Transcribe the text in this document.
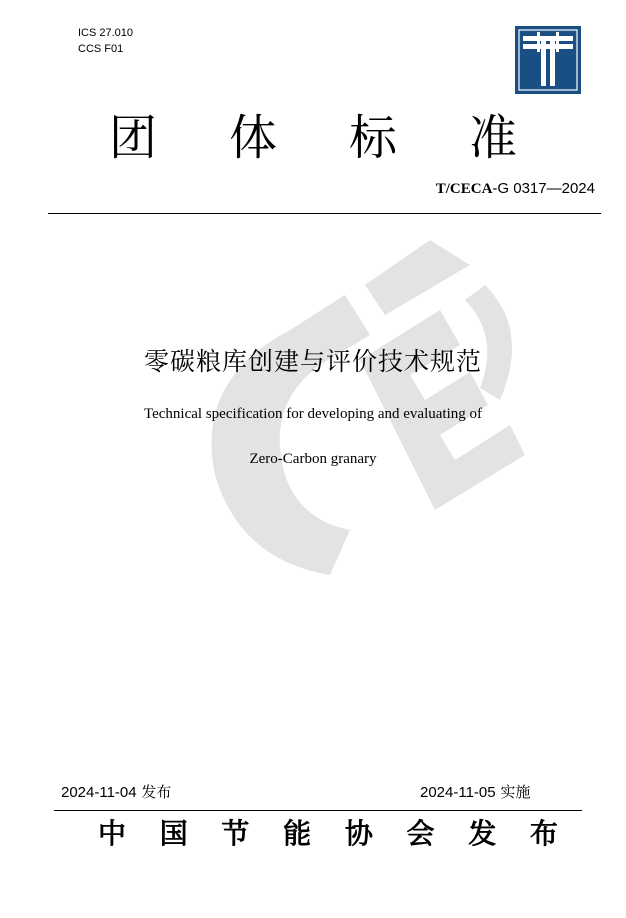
ICS 27.010
CCS F01
团	体	标	准
T/CECA-G 0317—2024
零碳粮库创建与评价技术规范
Technical specification for developing and evaluating of
Zero-Carbon granary
2024-11-04 发布	2024-11-05 实施
中 国 节 能 协 会 发 布
